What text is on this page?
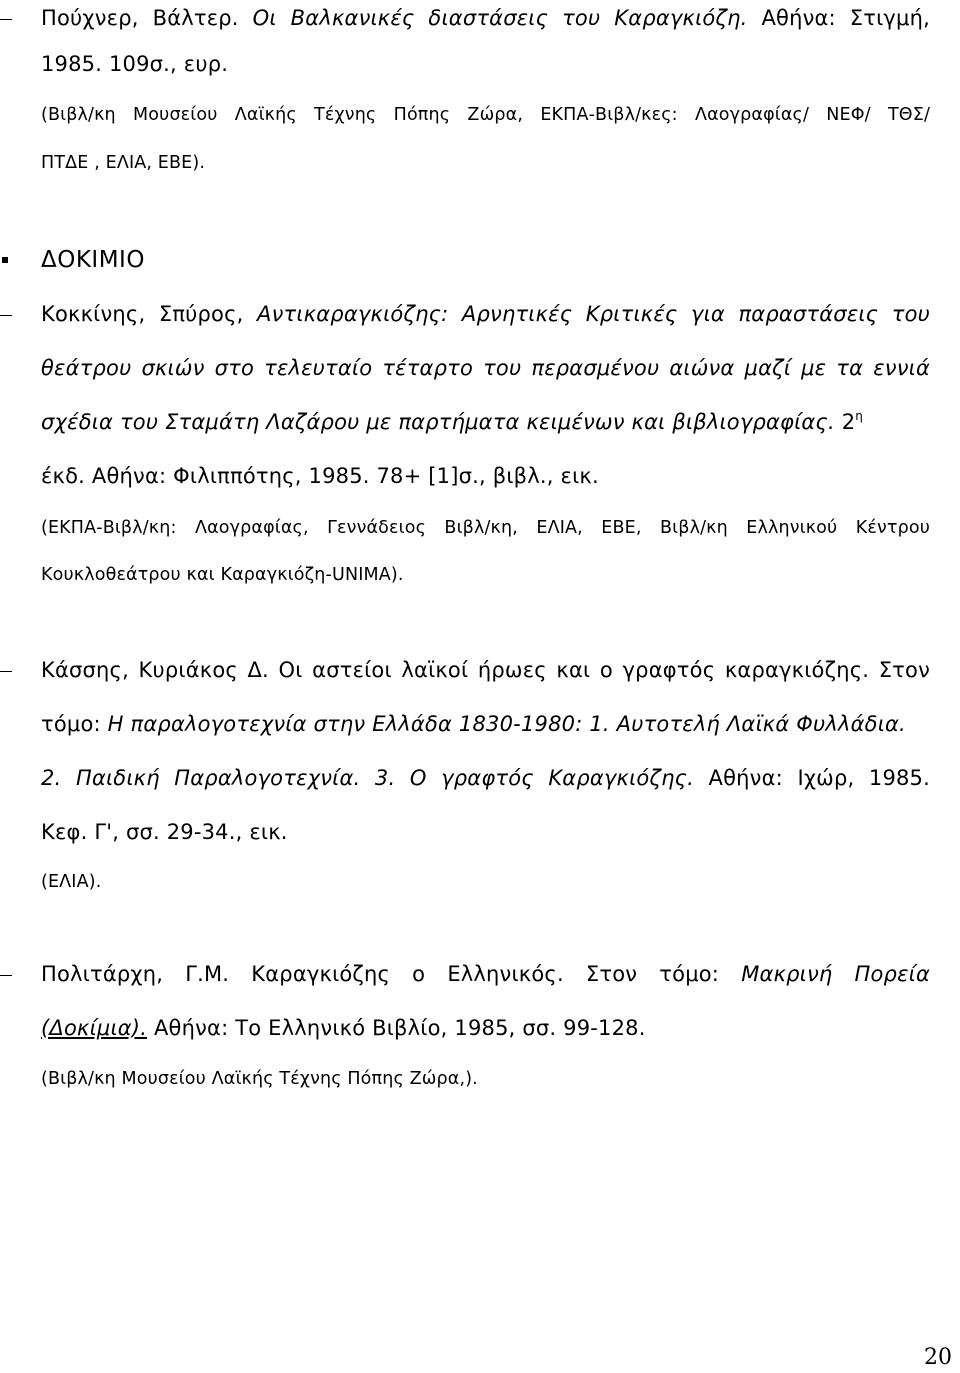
Πούχνερ, Βάλτερ. Οι Βαλκανικές διαστάσεις του Καραγκιόζη. Αθήνα: Στιγμή,
1985. 109σ., ευρ.
(Βιβλ/κη Μουσείου Λαϊκής Τέχνης Πόπης Ζώρα, ΕΚΠΑ-Βιβλ/κες: Λαογραφίας/ ΝΕΦ/ ΤΘΣ/
ΠΤΔΕ , ΕΛΙΑ, ΕΒΕ).
ΔΟΚΙΜΙΟ
Κοκκίνης, Σπύρος, Αντικαραγκιόζης: Αρνητικές Κριτικές για παραστάσεις του
θεάτρου σκιών στο τελευταίο τέταρτο του περασμένου αιώνα μαζί με τα εννιά
σχέδια του Σταμάτη Λαζάρου με παρτήματα κειμένων και βιβλιογραφίας. $2^\eta$
έκδ. Αθήνα: Φιλιππότης, 1985. 78+ [1]σ., βιβλ., εικ.
(ΕΚΠΑ-Βιβλ/κη: Λαογραφίας, Γεννάδειος Βιβλ/κη, ΕΛΙΑ, ΕΒΕ, Βιβλ/κη Ελληνικού Κέντρου
Κουκλοθεάτρου και Καραγκιόζη-UNIMA).
Κάσσης, Κυριάκος Δ. Οι αστείοι λαϊκοί ήρωες και ο γραφτός καραγκιόζης. Στον
τόμο: Η παραλογοτεχνία στην Ελλάδα 1830-1980: 1. Αυτοτελή Λαϊκά Φυλλάδια.
2. Παιδική Παραλογοτεχνία. 3. Ο γραφτός Καραγκιόζης. Αθήνα: Ιχώρ, 1985.
Κεφ. Γ', σσ. 29-34., εικ.
(ΕΛΙΑ).
Πολιτάρχη, Γ.Μ. Καραγκιόζης ο Ελληνικός. Στον τόμο: Μακρινή Πορεία
(Δοκίμια). Αθήνα: Το Ελληνικό Βιβλίο, 1985, σσ. 99-128.
(Βιβλ/κη Μουσείου Λαϊκής Τέχνης Πόπης Ζώρα,).
20
